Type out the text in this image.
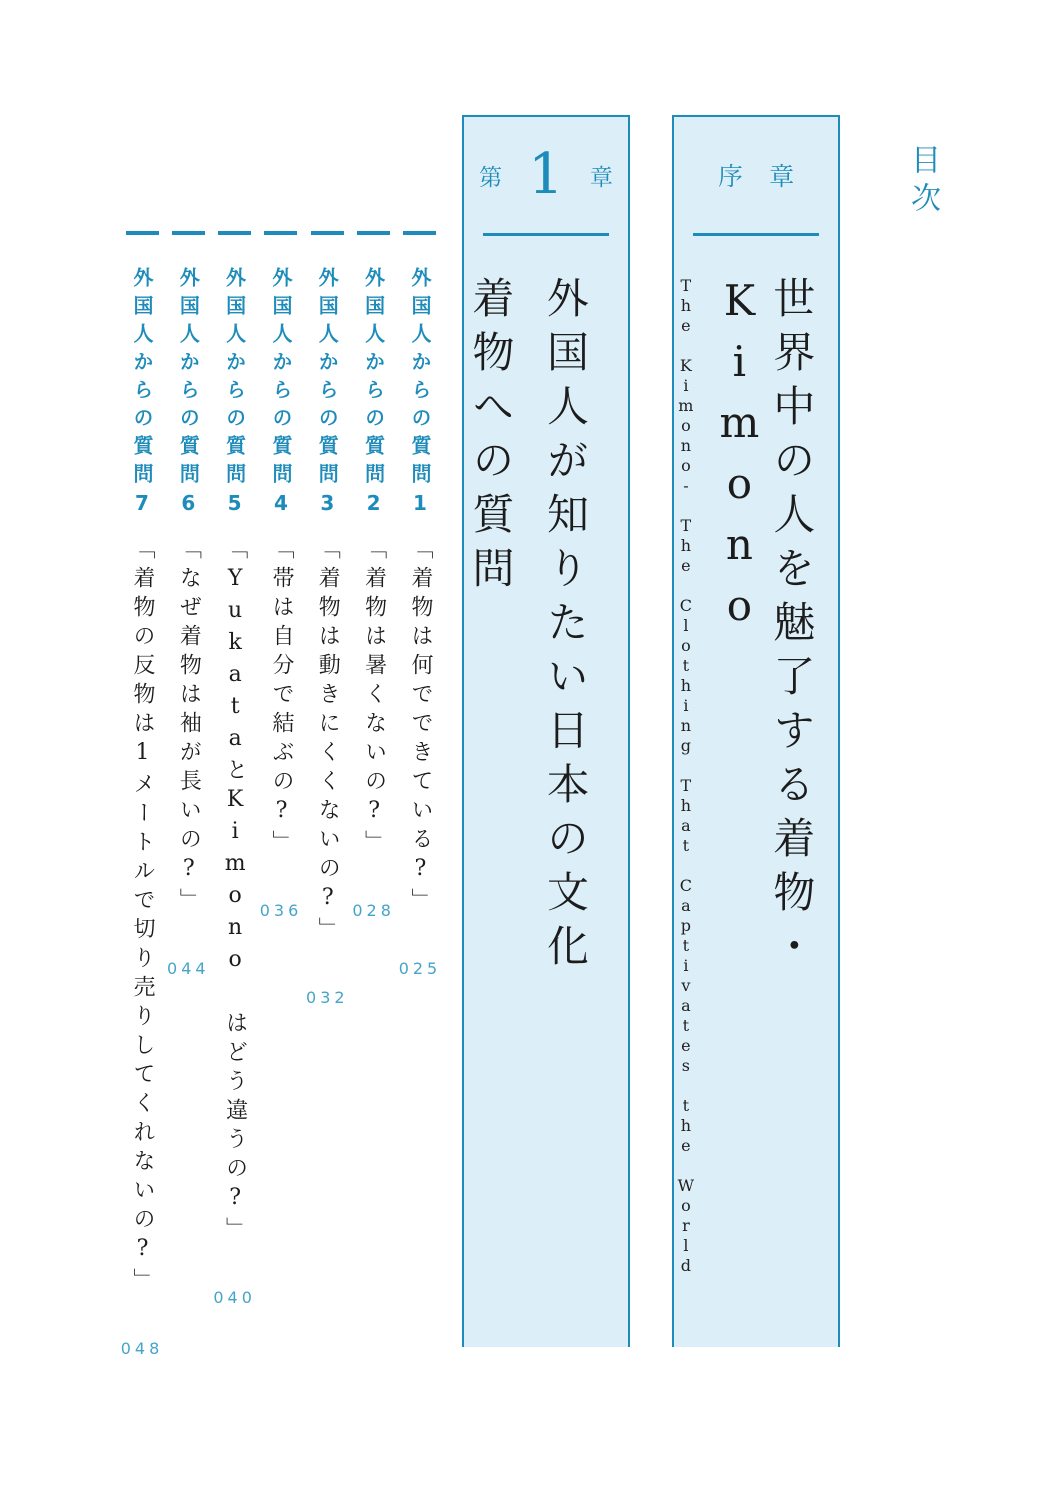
目次
序章
世界中の人を魅了する着物・Kimono
The Kimono- The Clothing That Captivates the World
第 1 章
外国人が知りたい日本の文化
着物への質問
外国人からの質問1「着物は何でできている?」025
外国人からの質問2「着物は暑くないの?」028
外国人からの質問3「着物は動きにくくないの?」032
外国人からの質問4「帯は自分で結ぶの?」036
外国人からの質問5「YukataとKimono はどう違うの?」040
外国人からの質問6「なぜ着物は袖が長いの?」044
外国人からの質問7「着物の反物は1メートルで切り売りしてくれないの?」048
